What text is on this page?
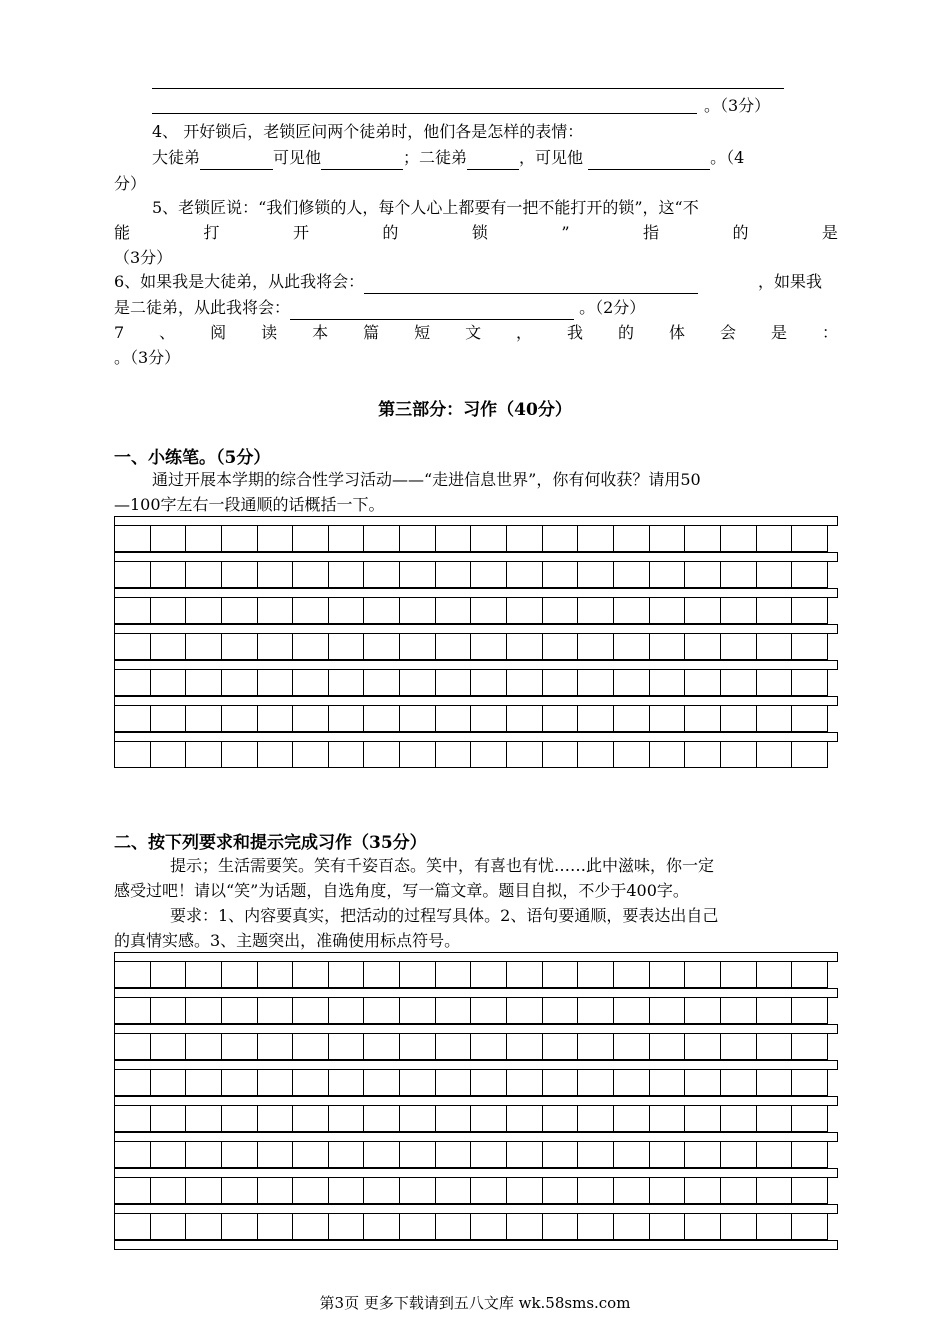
。（3分）
4、 开好锁后，老锁匠问两个徒弟时，他们各是怎样的表情：
大徒弟	可见他	；二徒弟	，可见他	。（4
分）
5、老锁匠说：“我们修锁的人，每个人心上都要有一把不能打开的锁”，这“不
能	打	开	的	锁	”	指	的	是
（3分）
6、如果我是大徒弟，从此我将会：	，如果我
是二徒弟，从此我将会：	。（2分）
7 、 阅 读 本 篇 短 文 ， 我 的 体 会 是 ：
。（3分）
第三部分：习作（40分）
一、小练笔。（5分）
通过开展本学期的综合性学习活动——“走进信息世界”，你有何收获？请用50
—100字左右一段通顺的话概括一下。
二、按下列要求和提示完成习作（35分）
提示；生活需要笑。笑有千姿百态。笑中，有喜也有忧……此中滋味，你一定
感受过吧！请以“笑”为话题，自选角度，写一篇文章。题目自拟，不少于400字。
要求：1、内容要真实，把活动的过程写具体。2、语句要通顺，要表达出自己
的真情实感。3、主题突出，准确使用标点符号。
第3页 更多下载请到五八文库 wk.58sms.com
